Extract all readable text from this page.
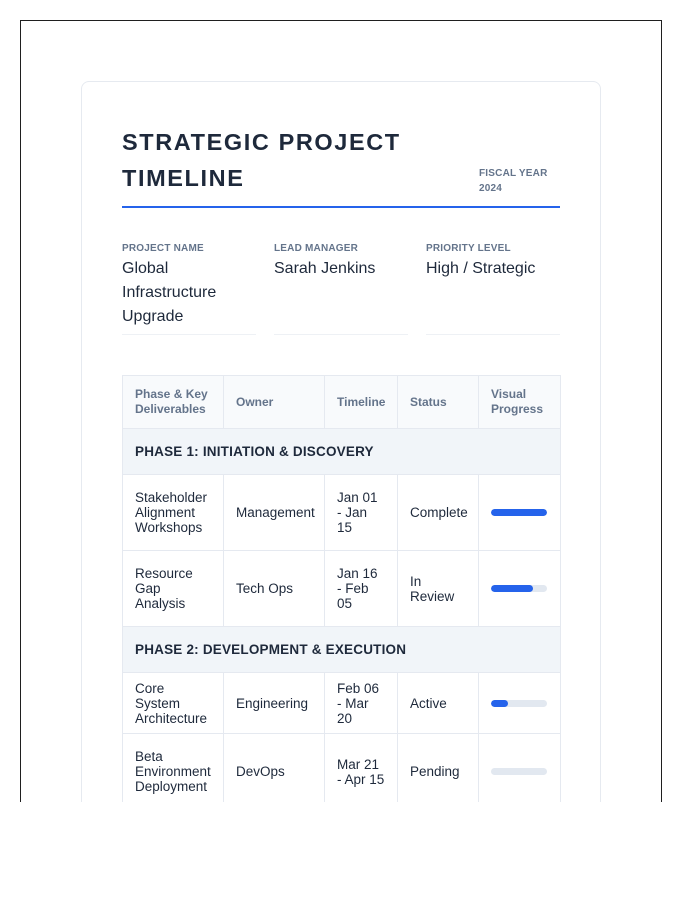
STRATEGIC PROJECT TIMELINE	FISCAL YEAR 2024
PROJECT NAME
Global Infrastructure Upgrade
LEAD MANAGER
Sarah Jenkins
PRIORITY LEVEL
High / Strategic
Phase & Key Deliverables	Owner	Timeline	Status	Visual Progress
PHASE 1: INITIATION & DISCOVERY				
Stakeholder Alignment Workshops	Management	Jan 01 - Jan 15	Complete	

Resource Gap Analysis	Tech Ops	Jan 16 - Feb 05	In Review	

PHASE 2: DEVELOPMENT & EXECUTION				
Core System Architecture	Engineering	Feb 06 - Mar 20	Active	

Beta Environment Deployment	DevOps	Mar 21 - Apr 15	Pending	
